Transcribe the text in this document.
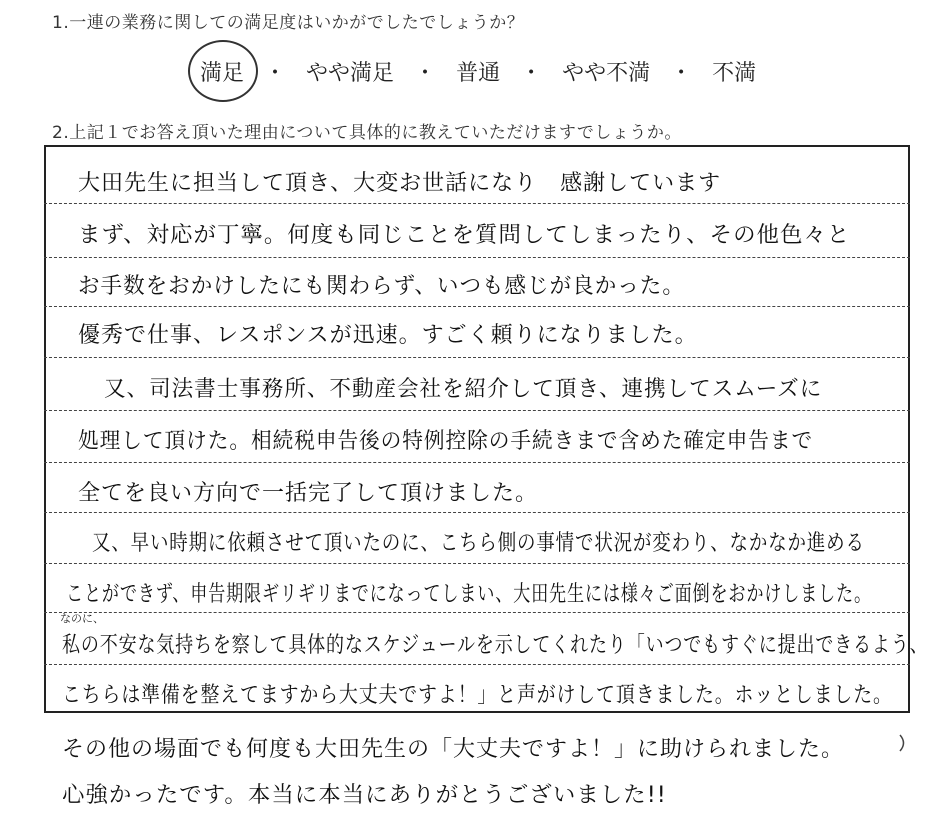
1.一連の業務に関しての満足度はいかがでしたでしょうか？
満足 ・ やや満足 ・ 普通 ・ やや不満 ・ 不満
2.上記１でお答え頂いた理由について具体的に教えていただけますでしょうか。
大田先生に担当して頂き、大変お世話になり　感謝しています
まず、対応が丁寧。何度も同じことを質問してしまったり、その他色々と
お手数をおかけしたにも関わらず、いつも感じが良かった。
優秀で仕事、レスポンスが迅速。すごく頼りになりました。
又、司法書士事務所、不動産会社を紹介して頂き、連携してスムーズに
処理して頂けた。相続税申告後の特例控除の手続きまで含めた確定申告まで
全てを良い方向で一括完了して頂けました。
又、早い時期に依頼させて頂いたのに、こちら側の事情で状況が変わり、なかなか進める
ことができず、申告期限ギリギリまでになってしまい、大田先生には様々ご面倒をおかけしました。
なのに、
私の不安な気持ちを察して具体的なスケジュールを示してくれたり「いつでもすぐに提出できるよう、
こちらは準備を整えてますから大丈夫ですよ！」と声がけして頂きました。ホッとしました。
その他の場面でも何度も大田先生の「大丈夫ですよ！」に助けられました。
心強かったです。本当に本当にありがとうございました!!
